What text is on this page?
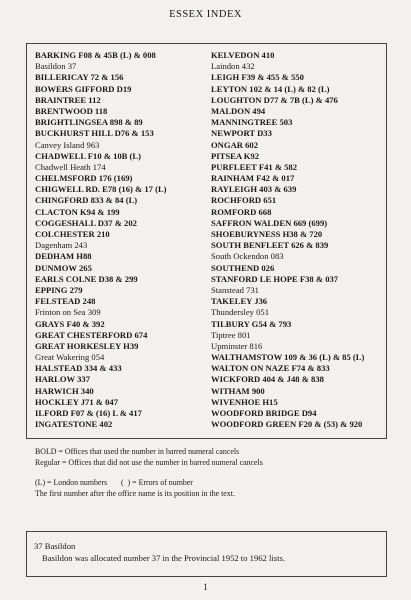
ESSEX INDEX
BARKING F08 & 45B (L) & 008
Basildon 37
BILLERICAY 72 & 156
BOWERS GIFFORD D19
BRAINTREE 112
BRENTWOOD 118
BRIGHTLINGSEA 898 & 89
BUCKHURST HILL D76 & 153
Canvey Island 963
CHADWELL F10 & 10B (L)
Chadwell Heath 174
CHELMSFORD 176 (169)
CHIGWELL RD. E78 (16) & 17 (L)
CHINGFORD 833 & 84 (L)
CLACTON K94 & 199
COGGESHALL D37 & 202
COLCHESTER 210
Dagenham 243
DEDHAM H88
DUNMOW 265
EARLS COLNE D38 & 299
EPPING 279
FELSTEAD 248
Frinton on Sea 309
GRAYS F40 & 392
GREAT CHESTERFORD 674
GREAT HORKESLEY H39
Great Wakering 054
HALSTEAD 334 & 433
HARLOW 337
HARWICH 340
HOCKLEY J71 & 047
ILFORD F07 & (16) L & 417
INGATESTONE 402
KELVEDON 410
Laindon 432
LEIGH F39 & 455 & 550
LEYTON 102 & 14 (L) & 82 (L)
LOUGHTON D77 & 7B (L) & 476
MALDON 494
MANNINGTREE 503
NEWPORT D33
ONGAR 602
PITSEA K92
PURFLEET F41 & 582
RAINHAM F42 & 017
RAYLEIGH 403 & 639
ROCHFORD 651
ROMFORD 668
SAFFRON WALDEN 669 (699)
SHOEBURYNESS H38 & 720
SOUTH BENFLEET 626 & 839
South Ockendon 083
SOUTHEND 026
STANFORD LE HOPE F38 & 037
Stanstead 731
TAKELEY J36
Thundersley 051
TILBURY G54 & 793
Tiptree 801
Upminster 816
WALTHAMSTOW 109 & 36 (L) & 85 (L)
WALTON ON NAZE F74 & 833
WICKFORD 404 & J48 & 838
WITHAM 900
WIVENHOE H15
WOODFORD BRIDGE D94
WOODFORD GREEN F20 & (53) & 920
BOLD = Offices that used the number in barred numeral cancels
Regular = Offices that did not use the number in barred numeral cancels
(L) = London numbers       (  ) = Errors of number
The first number after the office name is its position in the text.
37 Basildon
Basildon was allocated number 37 in the Provincial 1952 to 1962 lists.
1
